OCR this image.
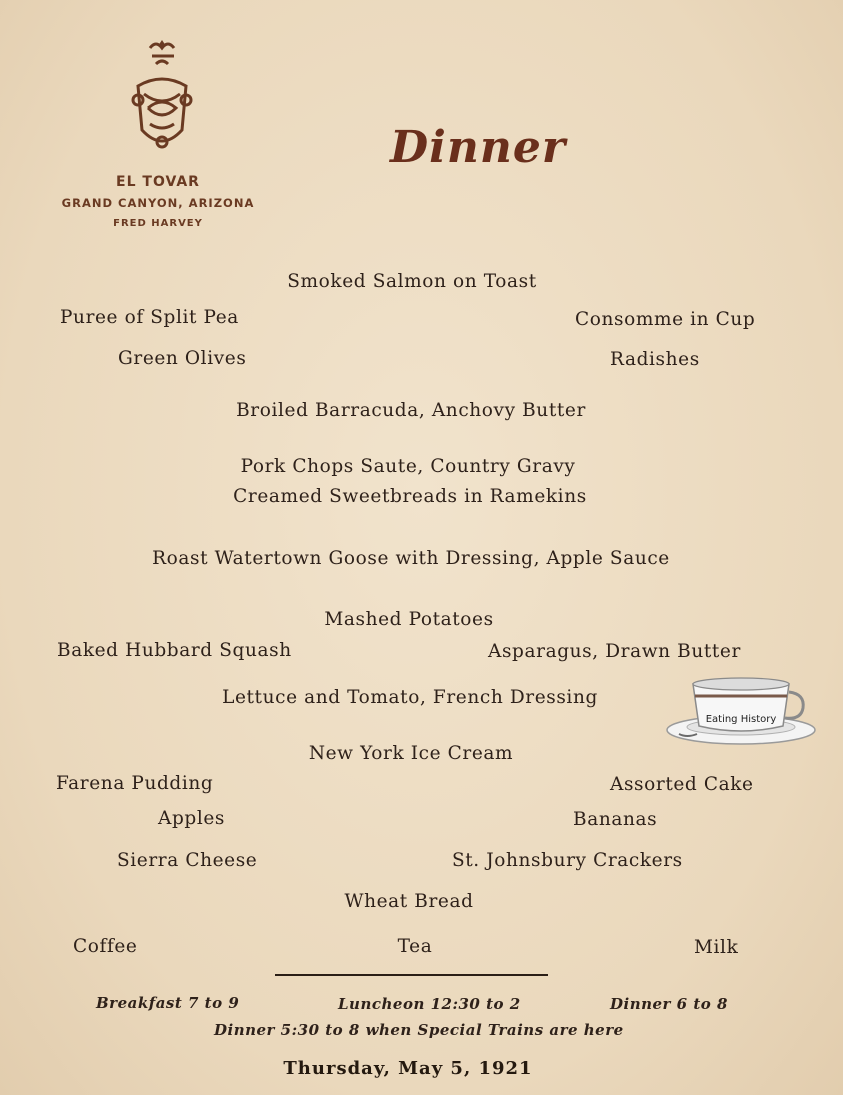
EL TOVAR
GRAND CANYON, ARIZONA
FRED HARVEY
Dinner
Smoked Salmon on Toast
Puree of Split Pea	Consomme in Cup
Green Olives	Radishes
Broiled Barracuda, Anchovy Butter
Pork Chops Saute, Country Gravy
Creamed Sweetbreads in Ramekins
Roast Watertown Goose with Dressing, Apple Sauce
Mashed Potatoes
Baked Hubbard Squash	Asparagus, Drawn Butter
Lettuce and Tomato, French Dressing
New York Ice Cream
Farena Pudding	Assorted Cake
Apples	Bananas
Sierra Cheese	St. Johnsbury Crackers
Wheat Bread
Coffee	Tea	Milk
Breakfast 7 to 9	Luncheon 12:30 to 2	Dinner 6 to 8
Dinner 5:30 to 8 when Special Trains are here
Thursday, May 5, 1921
Eating History
